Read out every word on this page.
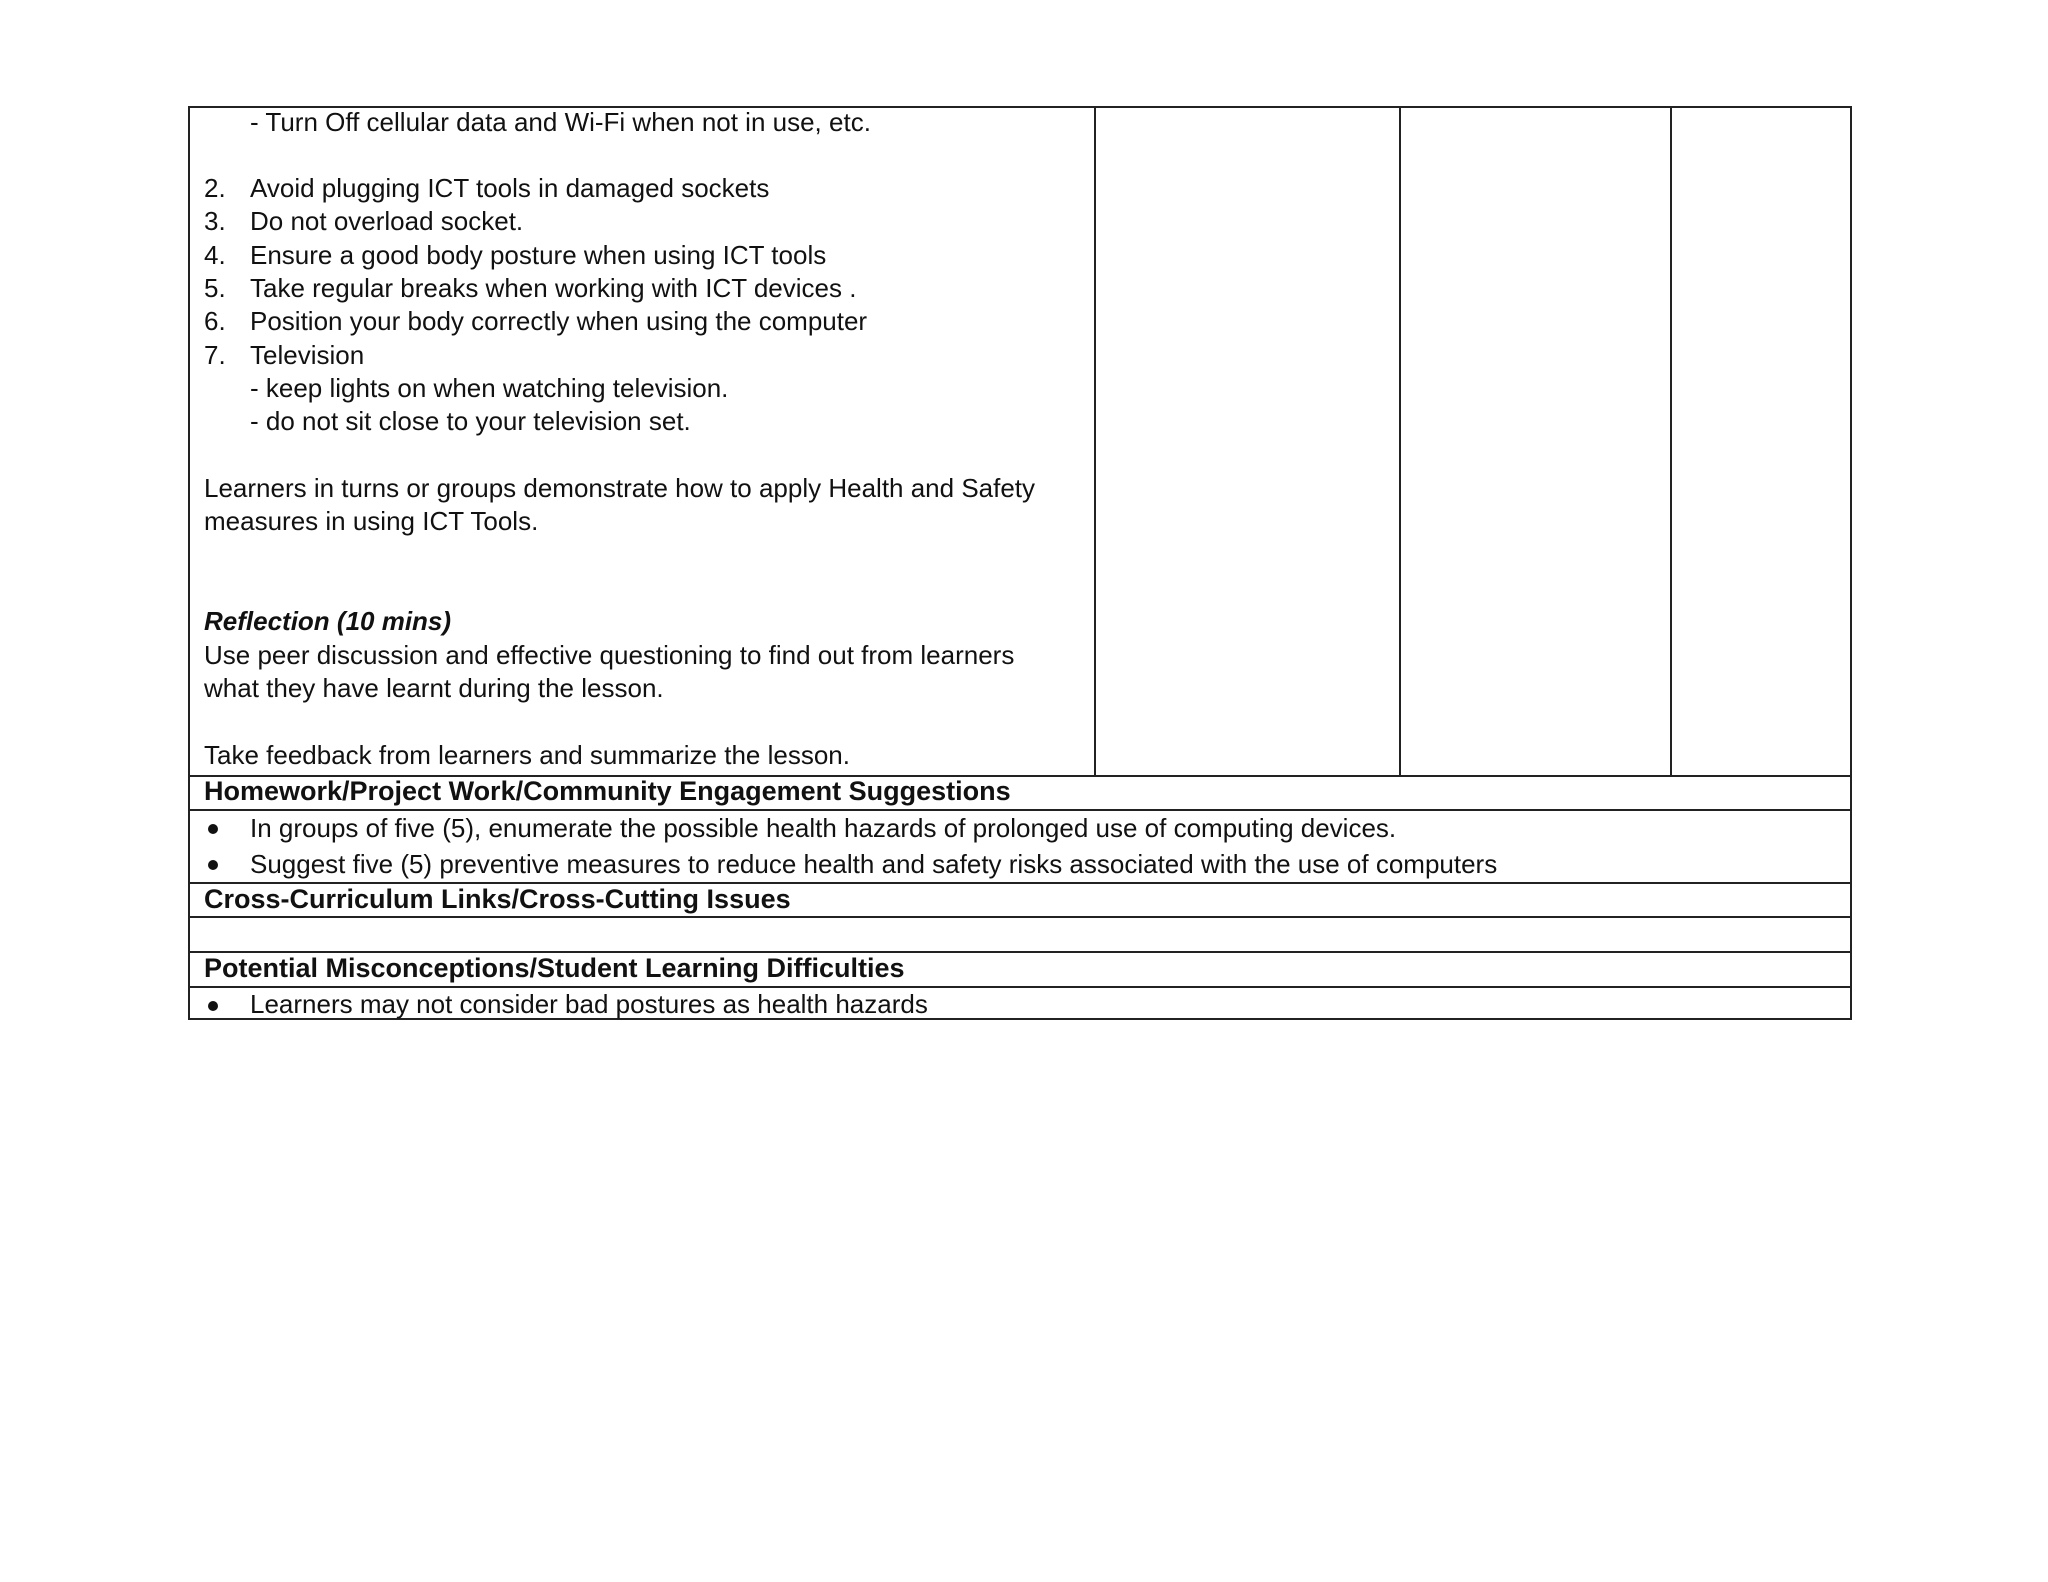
- Turn Off cellular data and Wi-Fi when not in use, etc.
2. Avoid plugging ICT tools in damaged sockets
3. Do not overload socket.
4. Ensure a good body posture when using ICT tools
5. Take regular breaks when working with ICT devices .
6. Position your body correctly when using the computer
7. Television
- keep lights on when watching television.
- do not sit close to your television set.
Learners in turns or groups demonstrate how to apply Health and Safety
measures in using ICT Tools.
Reflection (10 mins)
Use peer discussion and effective questioning to find out from learners
what they have learnt during the lesson.
Take feedback from learners and summarize the lesson.
Homework/Project Work/Community Engagement Suggestions
In groups of five (5), enumerate the possible health hazards of prolonged use of computing devices.
Suggest five (5) preventive measures to reduce health and safety risks associated with the use of computers
Cross-Curriculum Links/Cross-Cutting Issues
Potential Misconceptions/Student Learning Difficulties
Learners may not consider bad postures as health hazards
